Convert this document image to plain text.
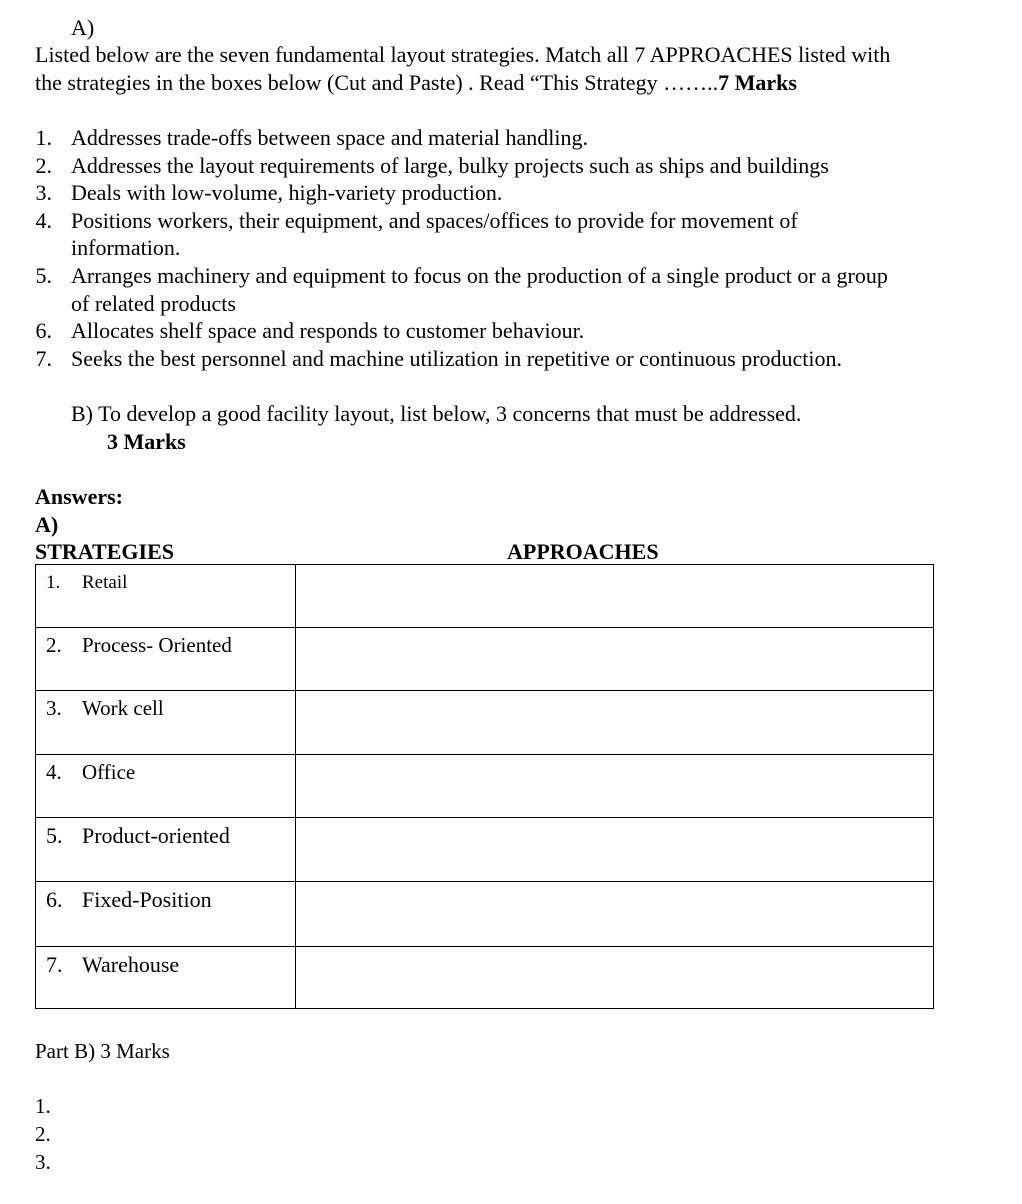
A)
Listed below are the seven fundamental layout strategies. Match all 7 APPROACHES listed with
the strategies in the boxes below (Cut and Paste) . Read “This Strategy ……..7 Marks
1. Addresses trade-offs between space and material handling.
2. Addresses the layout requirements of large, bulky projects such as ships and buildings
3. Deals with low-volume, high-variety production.
4. Positions workers, their equipment, and spaces/offices to provide for movement of
information.
5. Arranges machinery and equipment to focus on the production of a single product or a group
of related products
6. Allocates shelf space and responds to customer behaviour.
7. Seeks the best personnel and machine utilization in repetitive or continuous production.
B) To develop a good facility layout, list below, 3 concerns that must be addressed.
3 Marks
Answers:
A)
STRATEGIES	APPROACHES
1. Retail	

2. Process- Oriented	

3. Work cell	

4. Office	

5. Product-oriented	

6. Fixed-Position	

7. Warehouse	

Part B) 3 Marks
1.
2.
3.
